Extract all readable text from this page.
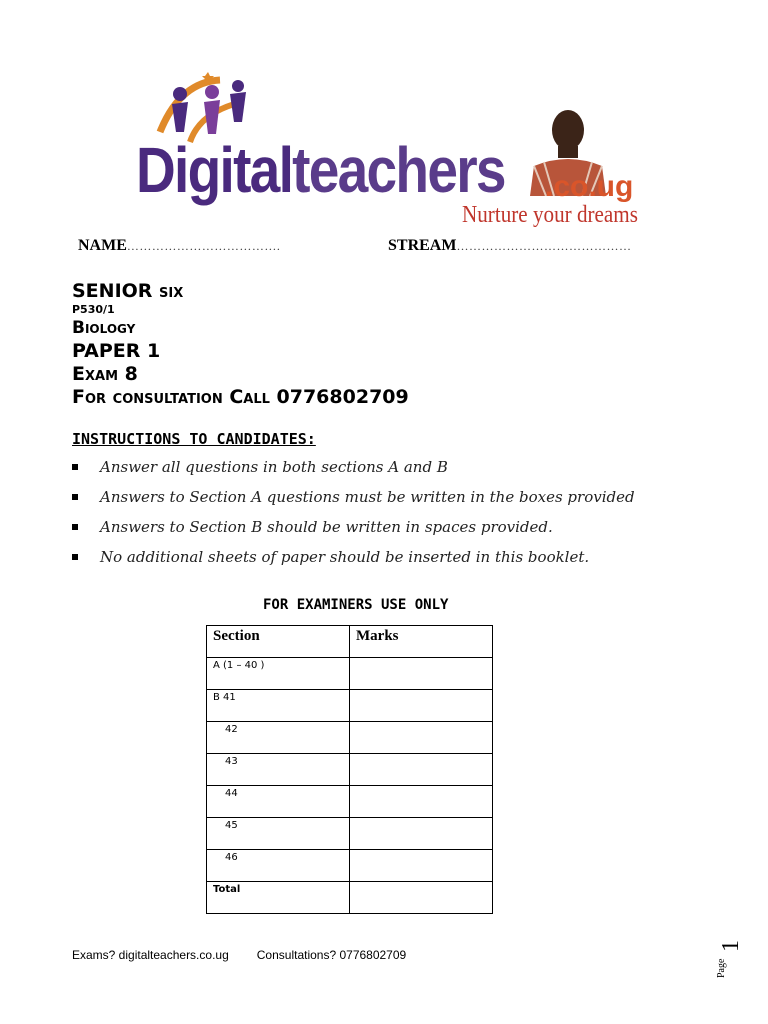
Digitalteachers .co.ug
Nurture your dreams
NAME……………………………….	STREAM……………………………………
SENIOR six
P530/1
Biology
PAPER 1
Exam 8
For consultation Call 0776802709
INSTRUCTIONS TO CANDIDATES:
Answer all questions in both sections A and B
Answers to Section A questions must be written in the boxes provided
Answers to Section B should be written in spaces provided.
No additional sheets of paper should be inserted in this booklet.
FOR EXAMINERS USE ONLY
Section	Marks
A (1 – 40 )	
B 41	
42	
43	
44	
45	
46	
Total	
Exams? digitalteachers.co.ug Consultations? 0776802709
Page
1
